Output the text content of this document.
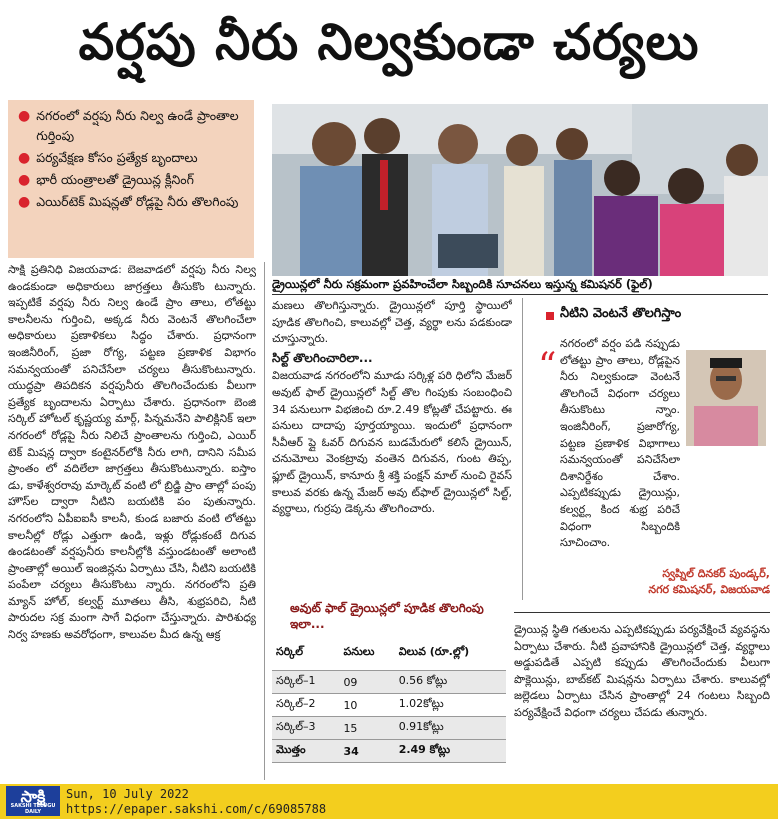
వర్షపు నీరు నిల్వకుండా చర్యలు
● నగరంలో వర్షపు నీరు నిల్వ ఉండే ప్రాంతాల గుర్తింపు
● పర్యవేక్షణ కోసం ప్రత్యేక బృందాలు
● భారీ యంత్రాలతో డ్రైయిన్ల క్లీనింగ్
● ఎయిర్‌టెక్ మిషన్లతో రోడ్లపై నీరు తొలగింపు
డ్రైయిన్లలో నీరు సక్రమంగా ప్రవహించేలా సిబ్బందికి సూచనలు ఇస్తున్న కమిషనర్ (ఫైల్)
సాక్షి ప్రతినిధి విజయవాడ: బెజవాడలో వర్షపు నీరు నిల్వ ఉండకుండా అధికారులు జాగ్రత్తలు తీసుకొం టున్నారు. ఇప్పటికే వర్షపు నీరు నిల్వ ఉండే ప్రాం తాలు, లోతట్టు కాలనీలను గుర్తించి, అక్కడ నీరు వెంటనే తొలగించేలా అధికారులు ప్రణాళికలు సిద్ధం చేశారు. ప్రధానంగా ఇంజినీరింగ్, ప్రజా రోగ్య, పట్టణ ప్రణాళిక విభాగం సమన్వయంతో పనిచేసేలా చర్యలు తీసుకొంటున్నారు. యుద్ధప్రా తిపదికన వర్షపునీరు తొలగించేందుకు వీలుగా ప్రత్యేక బృందాలను ఏర్పాటు చేశారు. ప్రధానంగా బెంజి సర్కిల్ హోటల్ కృష్ణయ్య మార్గ్, పిన్నమనేని పాలిక్లినిక్ ఇలా నగరంలో రోడ్లపై నీరు నిలిచే ప్రాంతాలను గుర్తించి, ఎయిర్ టెక్ మిషన్ల ద్వారా కంటైనర్‌లోకి నీరు లాగి, దానిని సమీప ప్రాంతం లో వదిలేలా జాగ్రత్తలు తీసుకొంటున్నారు. ఐస్తాం డు, కాళేశ్వరరావు మార్కెట్ వంటి లో బ్రిడ్జి ప్రాం తాల్లో పంపు హౌస్‌ల ద్వారా నీటిని బయటికి పం పుతున్నారు. నగరంలోని ఏపీఐఐసీ కాలనీ, కుండ బజారు వంటి లోతట్టు కాలనీల్లో రోడ్లు ఎత్తుగా ఉండి, ఇళ్లు రోడ్లుకంటే దిగువ ఉండటంతో వర్షపునీరు కాలనీల్లోకి వస్తుండటంతో అలాంటి ప్రాంతాల్లో అయిల్ ఇంజిన్లను ఏర్పాటు చేసి, నీటిని బయటికి పంపేలా చర్యలు తీసుకొంటు న్నారు. నగరంలోని ప్రతి మ్యాన్ హోల్, కల్వర్ట్ మూతలు తీసి, శుభ్రపరిచి, నీటి పారుదల సక్ర మంగా సాగే విధంగా చేస్తున్నారు. పారిశుధ్య నిర్వ హణకు అవరోధంగా, కాలువల మీద ఉన్న ఆక్ర
మణలు తొలగిస్తున్నారు. డ్రైయిన్లలో పూర్తి స్థాయిలో పూడిక తొలగించి, కాలువల్లో చెత్త, వ్యర్థా లను పడకుండా చూస్తున్నారు.
సిల్ట్ తొలగించారిలా...
విజయవాడ నగరంలోని మూడు సర్కిళ్ల పరి ధిలోని మేజర్ అవుట్ ఫాల్ డ్రైయిన్లలో సిల్ట్ తొల గింపుకు సంబంధించి 34 పనులుగా విభజించి రూ.2.49 కోట్లతో చేపట్టారు. ఈ పనులు దాదాపు పూర్తయ్యాయి. ఇందులో ప్రధానంగా సీవీఆర్ ప్లై ఓవర్ దిగువన బుడమేరులో కలిసే డ్రైయిన్, చనుమోలు వెంకట్రావు వంతెన దిగువన, గుంట తిప్ప, ఫ్లూట్ డ్రైయిన్, కానూరు శ్రీ శక్తి పంక్షన్ మాల్ నుంచి రైవస్ కాలువ వరకు ఉన్న మేజర్ అవు ట్‌ఫాల్ డ్రైయిన్లలో సిల్ట్, వ్యర్థాలు, గుర్రపు డెక్కను తొలగించారు.
నీటిని వెంటనే తొలగిస్తాం
“
నగరంలో వర్షం పడి నప్పుడు లోతట్టు ప్రాం తాలు, రోడ్లపైన నీరు నిల్వకుండా వెంటనే తొలగించే విధంగా చర్యలు తీసుకొంటు న్నాం. ఇంజినీరింగ్, ప్రజారోగ్య, పట్టణ ప్రణాళిక విభాగాలు సమన్వయంతో పనిచేసేలా దిశానిర్దేశం చేశాం. ఎప్పటికప్పుడు డ్రైయిన్లు, కల్వర్ట్ల కింద శుభ్ర పరిచే విధంగా సిబ్బందికి సూచించాం.
స్వప్నిల్ దినకర్ పుండ్కర్,
నగర కమిషనర్, విజయవాడ
అవుట్ ఫాల్ డ్రైయిన్లలో పూడిక తొలగింపు ఇలా...
సర్కిల్	పనులు	విలువ (రూ.ల్లో)
సర్కిల్–1	09	0.56 కోట్లు
సర్కిల్–2	10	1.02కోట్లు
సర్కిల్–3	15	0.91కోట్లు
మొత్తం	34	2.49 కోట్లు
డ్రైయిన్ల స్థితి గతులను ఎప్పటికప్పుడు పర్యవేక్షించే వ్యవస్థను ఏర్పాటు చేశారు. నీటి ప్రవాహానికి డ్రైయిన్లలో చెత్త, వ్యర్థాలు అడ్డుపడితే ఎప్పటి కప్పుడు తొలగించేందుకు వీలుగా పొక్లెయిన్లు, బాబ్‌కట్ మిషన్లను ఏర్పాటు చేశారు. కాలువల్లో జల్లెడలు ఏర్పాటు చేసిన ప్రాంతాల్లో 24 గంటలు సిబ్బంది పర్యవేక్షించే విధంగా చర్యలు చేపడు తున్నారు.
సాక్షి
SAKSHI TELUGU DAILY
Sun, 10 July 2022
https://epaper.sakshi.com/c/69085788
